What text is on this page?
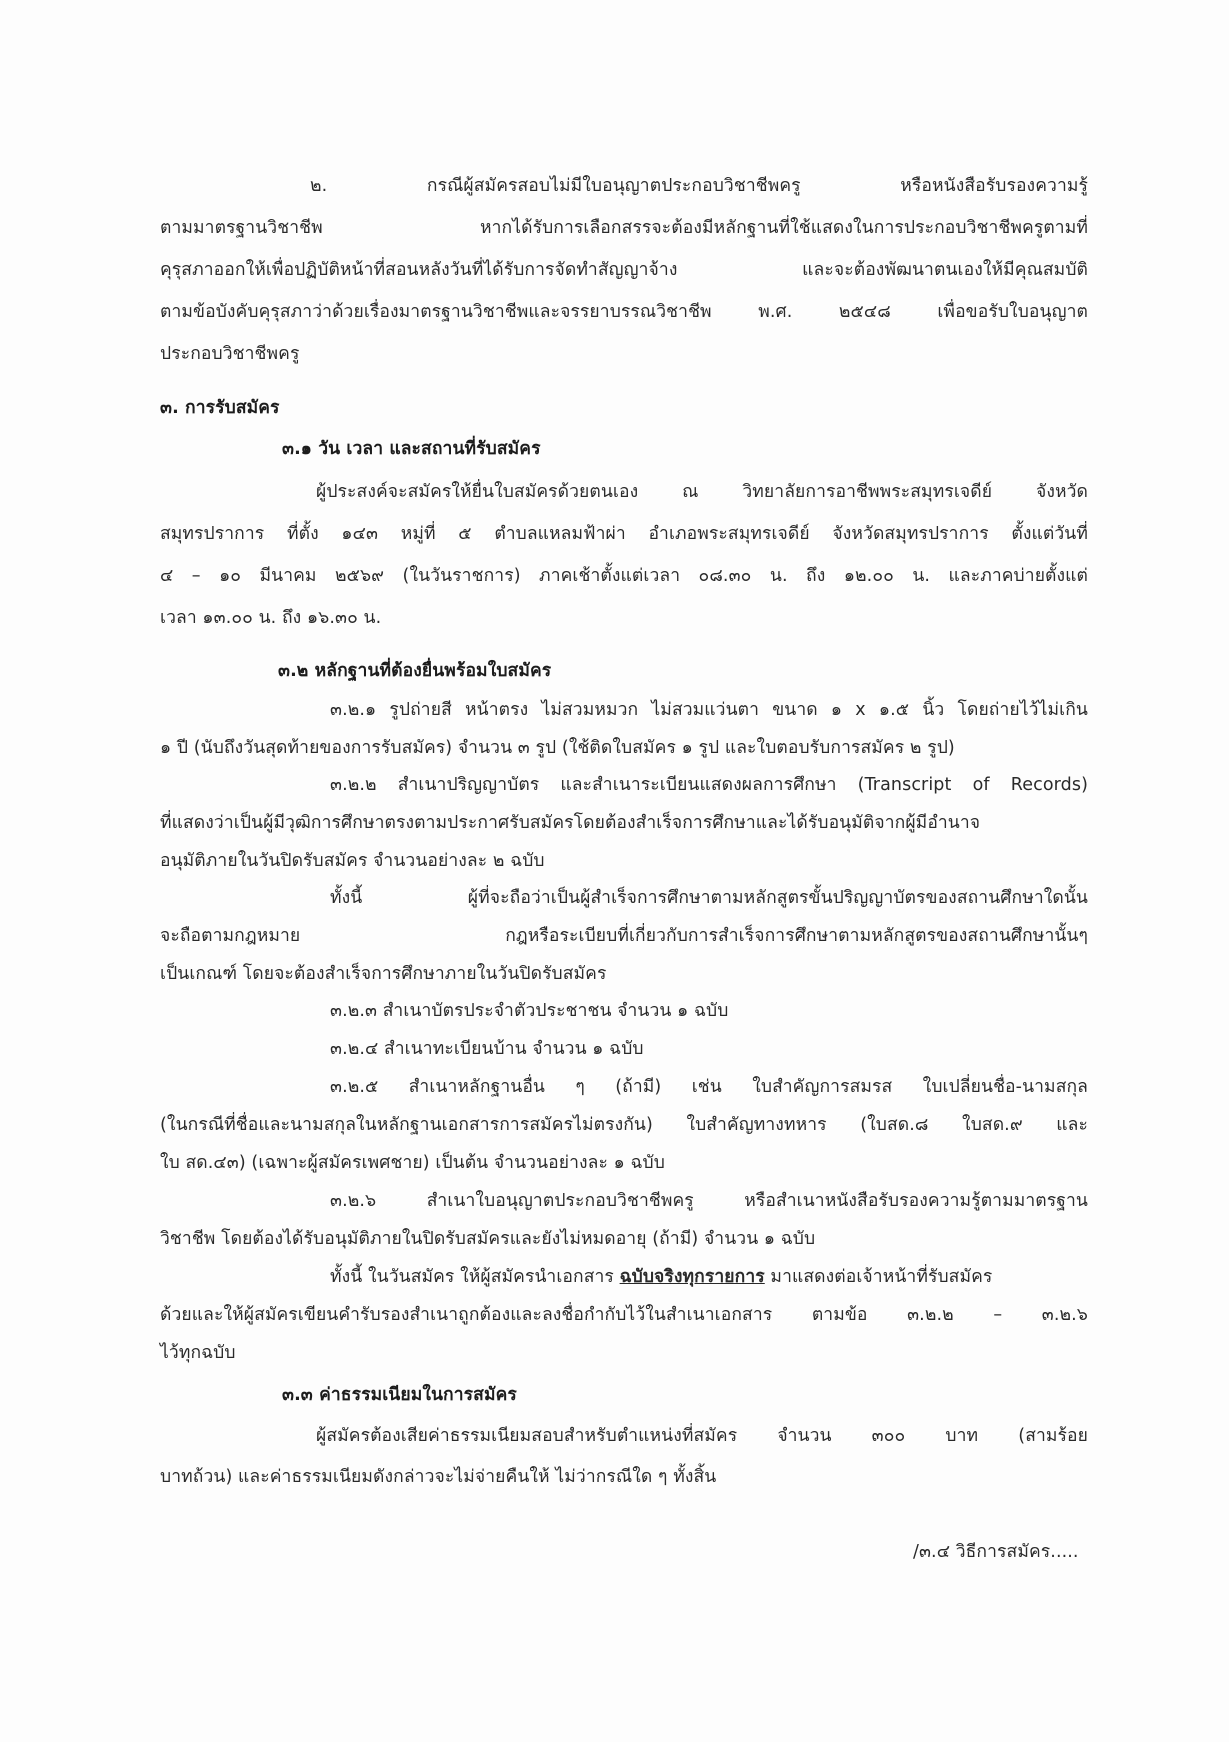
๒. กรณีผู้สมัครสอบไม่มีใบอนุญาตประกอบวิชาชีพครู หรือหนังสือรับรองความรู้
ตามมาตรฐานวิชาชีพ หากได้รับการเลือกสรรจะต้องมีหลักฐานที่ใช้แสดงในการประกอบวิชาชีพครูตามที่
คุรุสภาออกให้เพื่อปฏิบัติหน้าที่สอนหลังวันที่ได้รับการจัดทำสัญญาจ้าง และจะต้องพัฒนาตนเองให้มีคุณสมบัติ
ตามข้อบังคับคุรุสภาว่าด้วยเรื่องมาตรฐานวิชาชีพและจรรยาบรรณวิชาชีพ พ.ศ. ๒๕๔๘ เพื่อขอรับใบอนุญาต
ประกอบวิชาชีพครู
๓. การรับสมัคร
๓.๑ วัน เวลา และสถานที่รับสมัคร
ผู้ประสงค์จะสมัครให้ยื่นใบสมัครด้วยตนเอง ณ วิทยาลัยการอาชีพพระสมุทรเจดีย์ จังหวัด
สมุทรปราการ ที่ตั้ง ๑๔๓ หมู่ที่ ๕ ตำบลแหลมฟ้าผ่า อำเภอพระสมุทรเจดีย์ จังหวัดสมุทรปราการ ตั้งแต่วันที่
๔ – ๑๐ มีนาคม ๒๕๖๙ (ในวันราชการ) ภาคเช้าตั้งแต่เวลา ๐๘.๓๐ น. ถึง ๑๒.๐๐ น. และภาคบ่ายตั้งแต่
เวลา ๑๓.๐๐ น. ถึง ๑๖.๓๐ น.
๓.๒ หลักฐานที่ต้องยื่นพร้อมใบสมัคร
๓.๒.๑ รูปถ่ายสี หน้าตรง ไม่สวมหมวก ไม่สวมแว่นตา ขนาด ๑ x ๑.๕ นิ้ว โดยถ่ายไว้ไม่เกิน
๑ ปี (นับถึงวันสุดท้ายของการรับสมัคร) จำนวน ๓ รูป (ใช้ติดใบสมัคร ๑ รูป และใบตอบรับการสมัคร ๒ รูป)
๓.๒.๒ สำเนาปริญญาบัตร และสำเนาระเบียนแสดงผลการศึกษา (Transcript of Records)
ที่แสดงว่าเป็นผู้มีวุฒิการศึกษาตรงตามประกาศรับสมัครโดยต้องสำเร็จการศึกษาและได้รับอนุมัติจากผู้มีอำนาจ
อนุมัติภายในวันปิดรับสมัคร จำนวนอย่างละ ๒ ฉบับ
ทั้งนี้ ผู้ที่จะถือว่าเป็นผู้สำเร็จการศึกษาตามหลักสูตรขั้นปริญญาบัตรของสถานศึกษาใดนั้น
จะถือตามกฎหมาย กฎหรือระเบียบที่เกี่ยวกับการสำเร็จการศึกษาตามหลักสูตรของสถานศึกษานั้นๆ
เป็นเกณฑ์ โดยจะต้องสำเร็จการศึกษาภายในวันปิดรับสมัคร
๓.๒.๓ สำเนาบัตรประจำตัวประชาชน จำนวน ๑ ฉบับ
๓.๒.๔ สำเนาทะเบียนบ้าน จำนวน ๑ ฉบับ
๓.๒.๕ สำเนาหลักฐานอื่น ๆ (ถ้ามี) เช่น ใบสำคัญการสมรส ใบเปลี่ยนชื่อ-นามสกุล
(ในกรณีที่ชื่อและนามสกุลในหลักฐานเอกสารการสมัครไม่ตรงกัน) ใบสำคัญทางทหาร (ใบสด.๘ ใบสด.๙ และ
ใบ สด.๔๓) (เฉพาะผู้สมัครเพศชาย) เป็นต้น จำนวนอย่างละ ๑ ฉบับ
๓.๒.๖ สำเนาใบอนุญาตประกอบวิชาชีพครู หรือสำเนาหนังสือรับรองความรู้ตามมาตรฐาน
วิชาชีพ โดยต้องได้รับอนุมัติภายในปิดรับสมัครและยังไม่หมดอายุ (ถ้ามี) จำนวน ๑ ฉบับ
ทั้งนี้ ในวันสมัคร ให้ผู้สมัครนำเอกสาร ฉบับจริงทุกรายการ มาแสดงต่อเจ้าหน้าที่รับสมัคร
ด้วยและให้ผู้สมัครเขียนคำรับรองสำเนาถูกต้องและลงชื่อกำกับไว้ในสำเนาเอกสาร ตามข้อ ๓.๒.๒ – ๓.๒.๖
ไว้ทุกฉบับ
๓.๓ ค่าธรรมเนียมในการสมัคร
ผู้สมัครต้องเสียค่าธรรมเนียมสอบสำหรับตำแหน่งที่สมัคร จำนวน ๓๐๐ บาท (สามร้อย
บาทถ้วน) และค่าธรรมเนียมดังกล่าวจะไม่จ่ายคืนให้ ไม่ว่ากรณีใด ๆ ทั้งสิ้น
/๓.๔ วิธีการสมัคร.....
